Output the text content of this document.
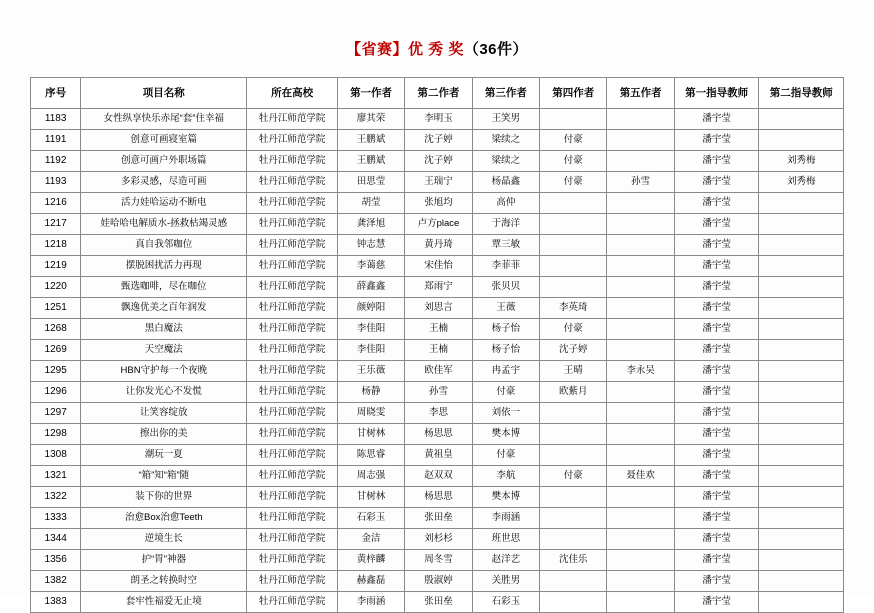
【省赛】优 秀 奖（36件）
序号	项目名称	所在高校	第一作者	第二作者	第三作者	第四作者	第五作者	第一指导教师	第二指导教师
1183	女性纵享快乐赤尾“套”住幸福	牡丹江师范学院	廖其荣	李明玉	王笑男			潘宇莹	
1191	创意可画寝室篇	牡丹江师范学院	王鹏斌	沈子婷	梁续之	付豪		潘宇莹	
1192	创意可画户外职场篇	牡丹江师范学院	王鹏斌	沈子婷	梁续之	付豪		潘宇莹	刘秀梅
1193	多彩灵感，尽造可画	牡丹江师范学院	田思莹	王瑞宁	杨晶鑫	付豪	孙雪	潘宇莹	刘秀梅
1216	活力娃哈运动不断电	牡丹江师范学院	胡莹	张旭均	高仲			潘宇莹	
1217	娃哈哈电解质水-拯救枯竭灵感	牡丹江师范学院	龚泽旭	卢方place	于海洋			潘宇莹	
1218	真自我邻咖位	牡丹江师范学院	钟志慧	黄丹琦	覃三敏			潘宇莹	
1219	摆脱困扰活力再现	牡丹江师范学院	李蔼慈	宋佳怡	李菲菲			潘宇莹	
1220	甄选咖啡，尽在咖位	牡丹江师范学院	薛鑫鑫	郑雨宁	张贝贝			潘宇莹	
1251	飘逸优美之百年润发	牡丹江师范学院	颜婷阳	刘思言	王薇	李英琦		潘宇莹	
1268	黑白魔法	牡丹江师范学院	李佳阳	王楠	杨子怡	付豪		潘宇莹	
1269	天空魔法	牡丹江师范学院	李佳阳	王楠	杨子怡	沈子婷		潘宇莹	
1295	HBN守护每一个夜晚	牡丹江师范学院	王乐薇	欧佳军	冉孟宇	王晴	李永吴	潘宇莹	
1296	让你发光心不发慌	牡丹江师范学院	杨静	孙雪	付豪	欧紫月		潘宇莹	
1297	让笑容绽放	牡丹江师范学院	周晓雯	李思	刘依一			潘宇莹	
1298	擦出你的美	牡丹江师范学院	甘树林	杨思思	樊本博			潘宇莹	
1308	潮玩一夏	牡丹江师范学院	陈思睿	黄祖皇	付豪			潘宇莹	
1321	“箱”知“箱”随	牡丹江师范学院	周志强	赵双双	李航	付豪	聂佳欢	潘宇莹	
1322	装下你的世界	牡丹江师范学院	甘树林	杨思思	樊本博			潘宇莹	
1333	治愈Box治愈Teeth	牡丹江师范学院	石彩玉	张田垒	李雨涵			潘宇莹	
1344	逆境生长	牡丹江师范学院	金洁	刘杉杉	班世思			潘宇莹	
1356	护“胃”神器	牡丹江师范学院	黄梓麟	周冬雪	赵洋艺	沈佳乐		潘宇莹	
1382	朗圣之转换时空	牡丹江师范学院	赫鑫磊	殷淑婷	关胜男			潘宇莹	
1383	套牢性福爱无止境	牡丹江师范学院	李雨涵	张田垒	石彩玉			潘宇莹	
